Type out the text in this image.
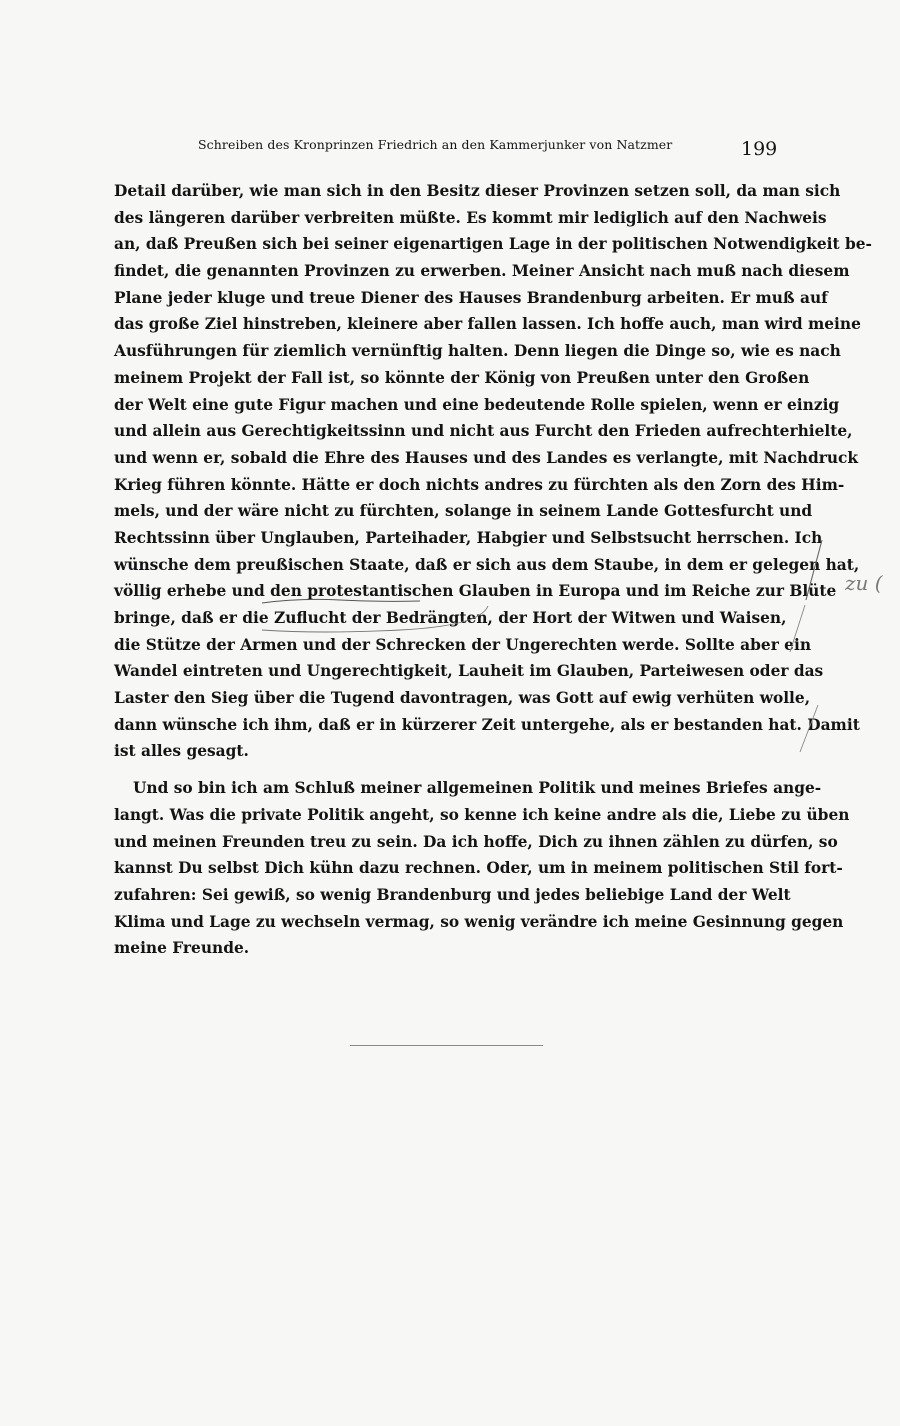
Schreiben des Kronprinzen Friedrich an den Kammerjunker von Natzmer	199
Detail darüber, wie man sich in den Besitz dieser Provinzen setzen soll, da man sich
des längeren darüber verbreiten müßte. Es kommt mir lediglich auf den Nachweis
an, daß Preußen sich bei seiner eigenartigen Lage in der politischen Notwendigkeit be-
findet, die genannten Provinzen zu erwerben. Meiner Ansicht nach muß nach diesem
Plane jeder kluge und treue Diener des Hauses Brandenburg arbeiten. Er muß auf
das große Ziel hinstreben, kleinere aber fallen lassen. Ich hoffe auch, man wird meine
Ausführungen für ziemlich vernünftig halten. Denn liegen die Dinge so, wie es nach
meinem Projekt der Fall ist, so könnte der König von Preußen unter den Großen
der Welt eine gute Figur machen und eine bedeutende Rolle spielen, wenn er einzig
und allein aus Gerechtigkeitssinn und nicht aus Furcht den Frieden aufrechterhielte,
und wenn er, sobald die Ehre des Hauses und des Landes es verlangte, mit Nachdruck
Krieg führen könnte. Hätte er doch nichts andres zu fürchten als den Zorn des Him-
mels, und der wäre nicht zu fürchten, solange in seinem Lande Gottesfurcht und
Rechtssinn über Unglauben, Parteihader, Habgier und Selbstsucht herrschen. Ich
wünsche dem preußischen Staate, daß er sich aus dem Staube, in dem er gelegen hat,
völlig erhebe und den protestantischen Glauben in Europa und im Reiche zur Blüte
bringe, daß er die Zuflucht der Bedrängten, der Hort der Witwen und Waisen,
die Stütze der Armen und der Schrecken der Ungerechten werde. Sollte aber ein
Wandel eintreten und Ungerechtigkeit, Lauheit im Glauben, Parteiwesen oder das
Laster den Sieg über die Tugend davontragen, was Gott auf ewig verhüten wolle,
dann wünsche ich ihm, daß er in kürzerer Zeit untergehe, als er bestanden hat. Damit
ist alles gesagt.
Und so bin ich am Schluß meiner allgemeinen Politik und meines Briefes ange-
langt. Was die private Politik angeht, so kenne ich keine andre als die, Liebe zu üben
und meinen Freunden treu zu sein. Da ich hoffe, Dich zu ihnen zählen zu dürfen, so
kannst Du selbst Dich kühn dazu rechnen. Oder, um in meinem politischen Stil fort-
zufahren: Sei gewiß, so wenig Brandenburg und jedes beliebige Land der Welt
Klima und Lage zu wechseln vermag, so wenig verändre ich meine Gesinnung gegen
meine Freunde.
zu (
